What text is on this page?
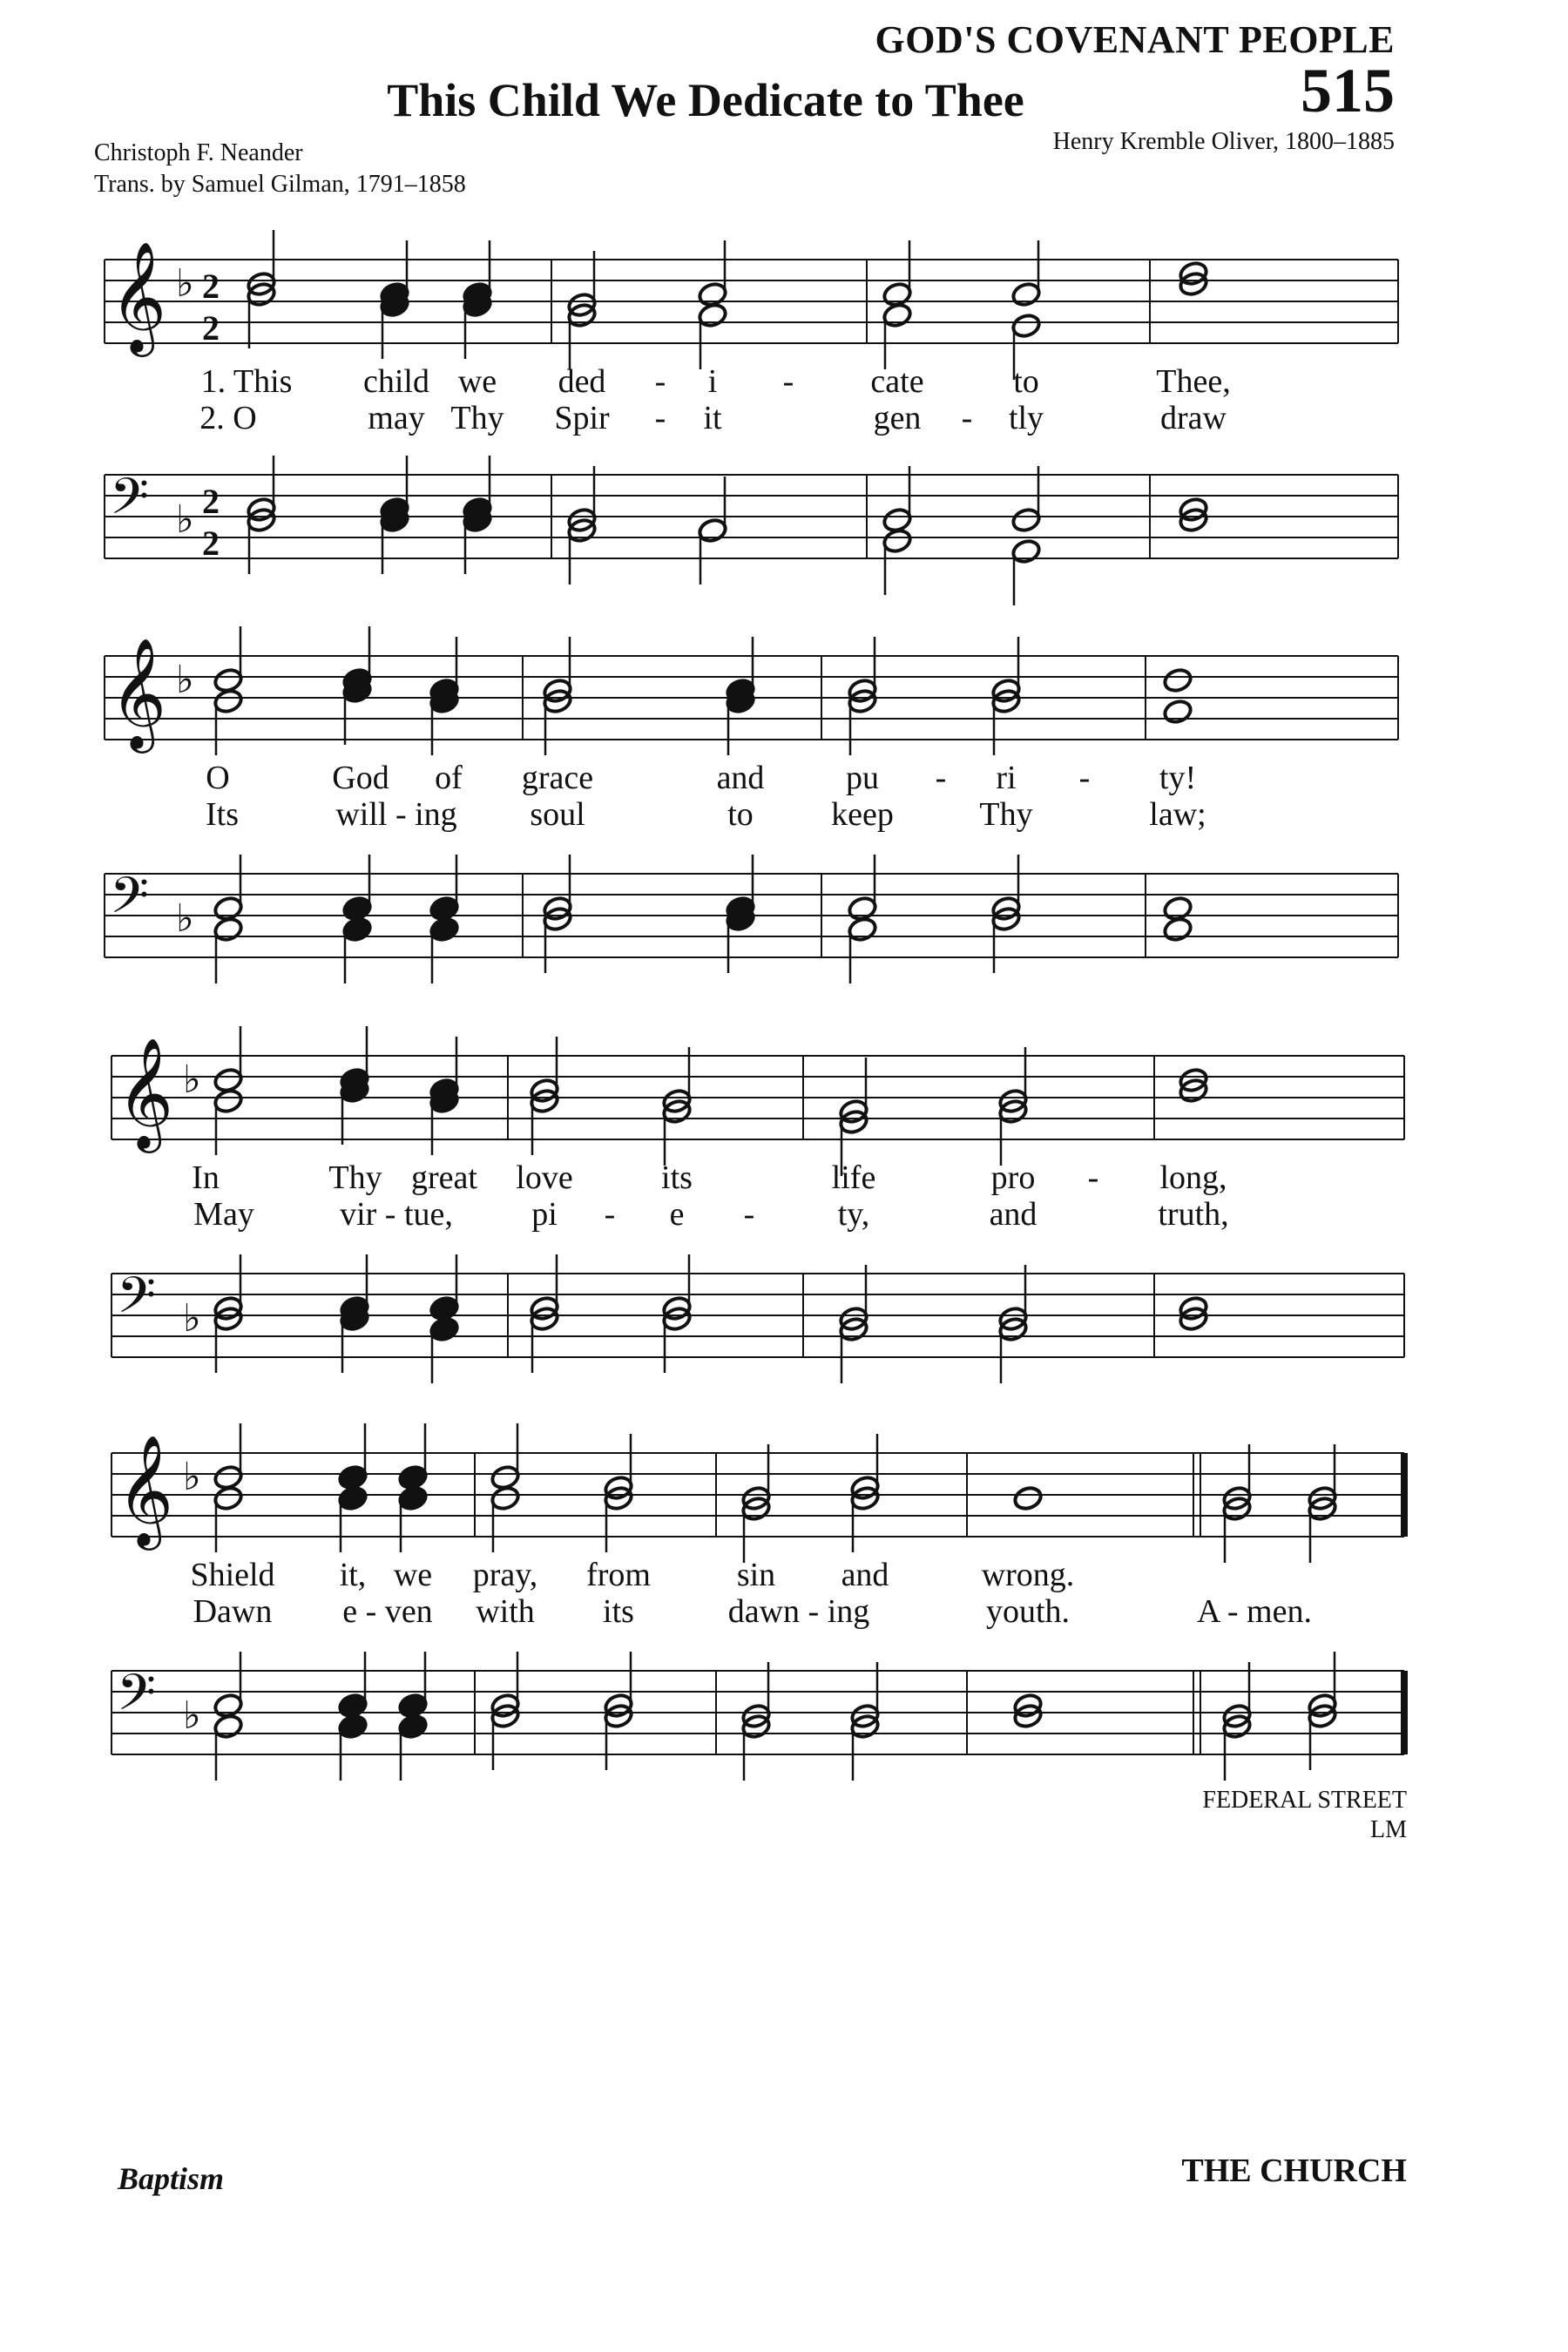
𝄞 ♭ 2
2
𝄢 ♭ 2
2
1. This child we ded - i - cate	to	Thee,
2. O	may Thy Spir - it	gen - tly	draw
𝄞 ♭
𝄢 ♭
O	God of grace	and pu - ri - ty!
Its	will - ing soul	to keep	Thy	law;
𝄞 ♭
𝄢 ♭
In	Thy great love	its	life	pro - long,
May	vir - tue, pi - e -	ty,	and	truth,
𝄞 ♭
𝄢 ♭
Shield it, we pray, from	sin and	wrong.
Dawn e - ven with its	dawn - ing	youth.	A - men.
GOD'S COVENANT PEOPLE
515
This Child We Dedicate to Thee
Christoph F. Neander
Trans. by Samuel Gilman, 1791–1858
Henry Kremble Oliver, 1800–1885
FEDERAL STREET
LM
Baptism	THE CHURCH
